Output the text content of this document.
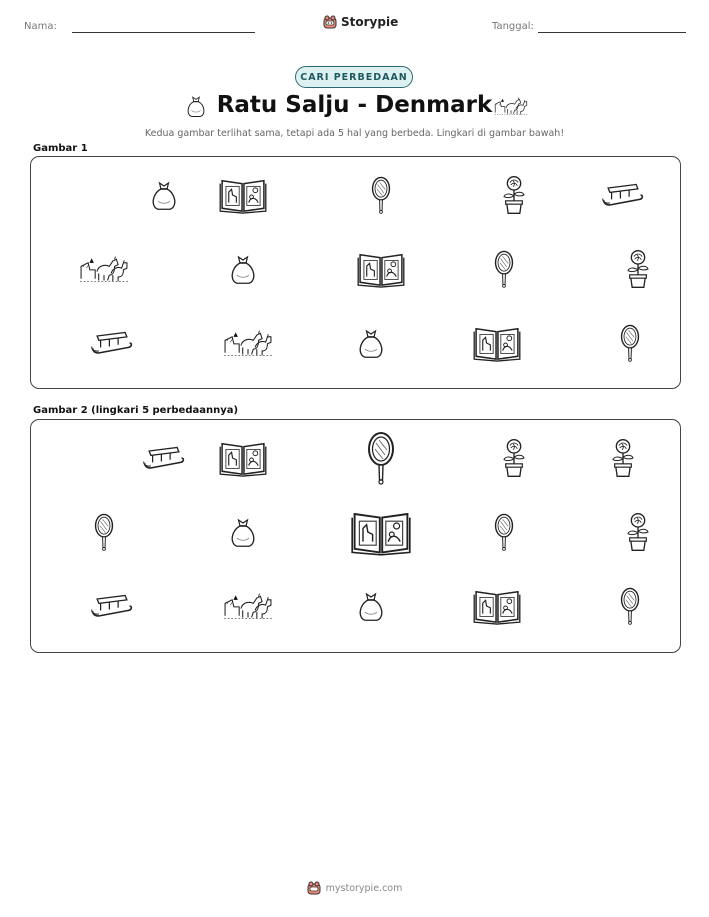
Nama:	Storypie	Tanggal:
CARI PERBEDAAN
Ratu Salju - Denmark
Kedua gambar terlihat sama, tetapi ada 5 hal yang berbeda. Lingkari di gambar bawah!
Gambar 1
Gambar 2 (lingkari 5 perbedaannya)
mystorypie.com
